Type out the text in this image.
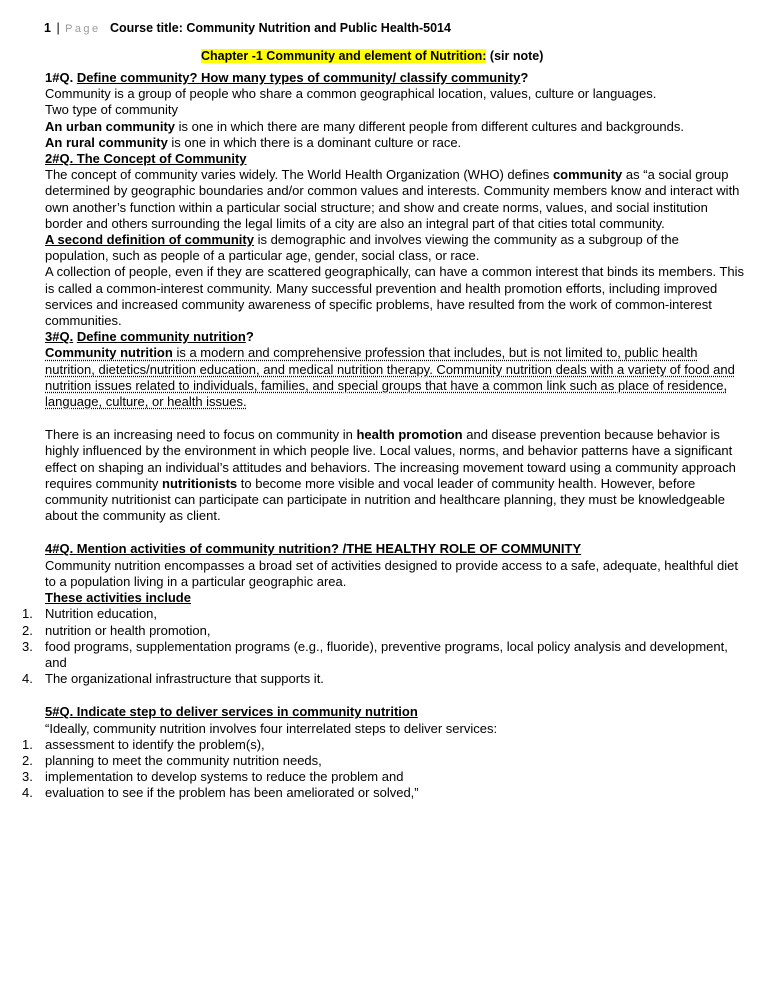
1 | Page Course title: Community Nutrition and Public Health-5014
Chapter -1 Community and element of Nutrition: (sir note)
1#Q. Define community? How many types of community/ classify community?

Community is a group of people who share a common geographical location, values, culture or languages.

Two type of community

An urban community is one in which there are many different people from different cultures and backgrounds.

An rural community is one in which there is a dominant culture or race.

2#Q. The Concept of Community

The concept of community varies widely. The World Health Organization (WHO) defines community as “a social group determined by geographic boundaries and/or common values and interests. Community members know and interact with own another’s function within a particular social structure; and show and create norms, values, and social institution border and others surrounding the legal limits of a city are also an integral part of that cities total community.

A second definition of community is demographic and involves viewing the community as a subgroup of the population, such as people of a particular age, gender, social class, or race.

A collection of people, even if they are scattered geographically, can have a common interest that binds its members. This is called a common-interest community. Many successful prevention and health promotion efforts, including improved services and increased community awareness of specific problems, have resulted from the work of common-interest communities.

3#Q. Define community nutrition?

Community nutrition is a modern and comprehensive profession that includes, but is not limited to, public health nutrition, dietetics/nutrition education, and medical nutrition therapy. Community nutrition deals with a variety of food and nutrition issues related to individuals, families, and special groups that have a common link such as place of residence, language, culture, or health issues.

There is an increasing need to focus on community in health promotion and disease prevention because behavior is highly influenced by the environment in which people live. Local values, norms, and behavior patterns have a significant effect on shaping an individual’s attitudes and behaviors. The increasing movement toward using a community approach requires community nutritionists to become more visible and vocal leader of community health. However, before community nutritionist can participate can participate in nutrition and healthcare planning, they must be knowledgeable about the community as client.

4#Q. Mention activities of community nutrition? /THE HEALTHY ROLE OF COMMUNITY

Community nutrition encompasses a broad set of activities designed to provide access to a safe, adequate, healthful diet to a population living in a particular geographic area.

These activities include
1. Nutrition education,
2. nutrition or health promotion,
3. food programs, supplementation programs (e.g., fluoride), preventive programs, local policy analysis and development, and
4. The organizational infrastructure that supports it.
5#Q. Indicate step to deliver services in community nutrition

“Ideally, community nutrition involves four interrelated steps to deliver services:

1. assessment to identify the problem(s),
2. planning to meet the community nutrition needs,
3. implementation to develop systems to reduce the problem and
4. evaluation to see if the problem has been ameliorated or solved,”
